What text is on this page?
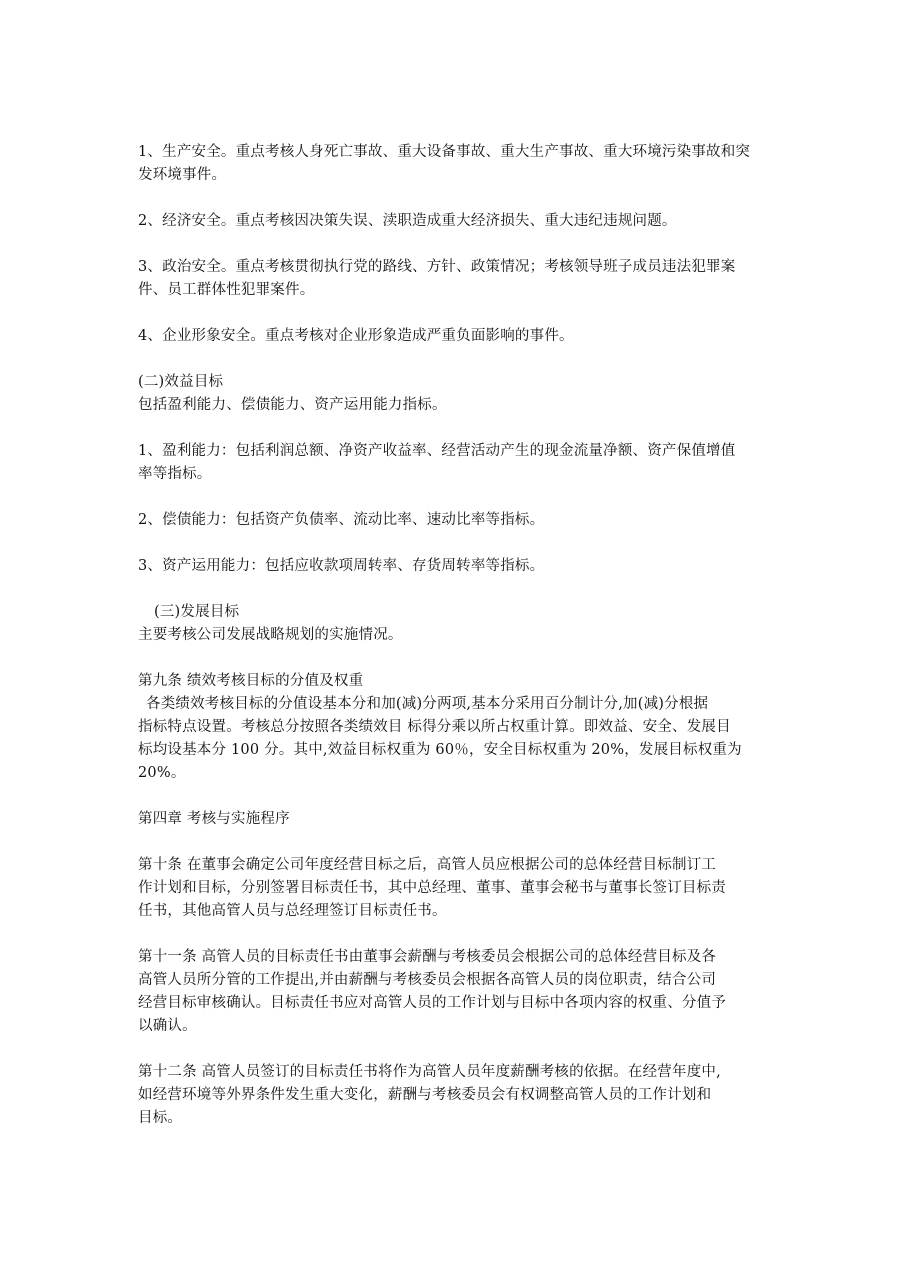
1、生产安全。重点考核人身死亡事故、重大设备事故、重大生产事故、重大环境污染事故和突
发环境事件。
2、经济安全。重点考核因决策失误、渎职造成重大经济损失、重大违纪违规问题。
3、政治安全。重点考核贯彻执行党的路线、方针、政策情况；考核领导班子成员违法犯罪案
件、员工群体性犯罪案件。
4、企业形象安全。重点考核对企业形象造成严重负面影响的事件。
(二)效益目标
包括盈利能力、偿债能力、资产运用能力指标。
1、盈利能力：包括利润总额、净资产收益率、经营活动产生的现金流量净额、资产保值增值
率等指标。
2、偿债能力：包括资产负债率、流动比率、速动比率等指标。
3、资产运用能力：包括应收款项周转率、存货周转率等指标。
(三)发展目标
主要考核公司发展战略规划的实施情况。
第九条 绩效考核目标的分值及权重
各类绩效考核目标的分值设基本分和加(减)分两项,基本分采用百分制计分,加(减)分根据
指标特点设置。考核总分按照各类绩效目 标得分乘以所占权重计算。即效益、安全、发展目
标均设基本分 100 分。其中,效益目标权重为 60％，安全目标权重为 20%，发展目标权重为
20%。
第四章 考核与实施程序
第十条 在董事会确定公司年度经营目标之后，高管人员应根据公司的总体经营目标制订工
作计划和目标，分别签署目标责任书，其中总经理、董事、董事会秘书与董事长签订目标责
任书，其他高管人员与总经理签订目标责任书。
第十一条 高管人员的目标责任书由董事会薪酬与考核委员会根据公司的总体经营目标及各
高管人员所分管的工作提出,并由薪酬与考核委员会根据各高管人员的岗位职责，结合公司
经营目标审核确认。目标责任书应对高管人员的工作计划与目标中各项内容的权重、分值予
以确认。
第十二条 高管人员签订的目标责任书将作为高管人员年度薪酬考核的依据。在经营年度中,
如经营环境等外界条件发生重大变化，薪酬与考核委员会有权调整高管人员的工作计划和
目标。
